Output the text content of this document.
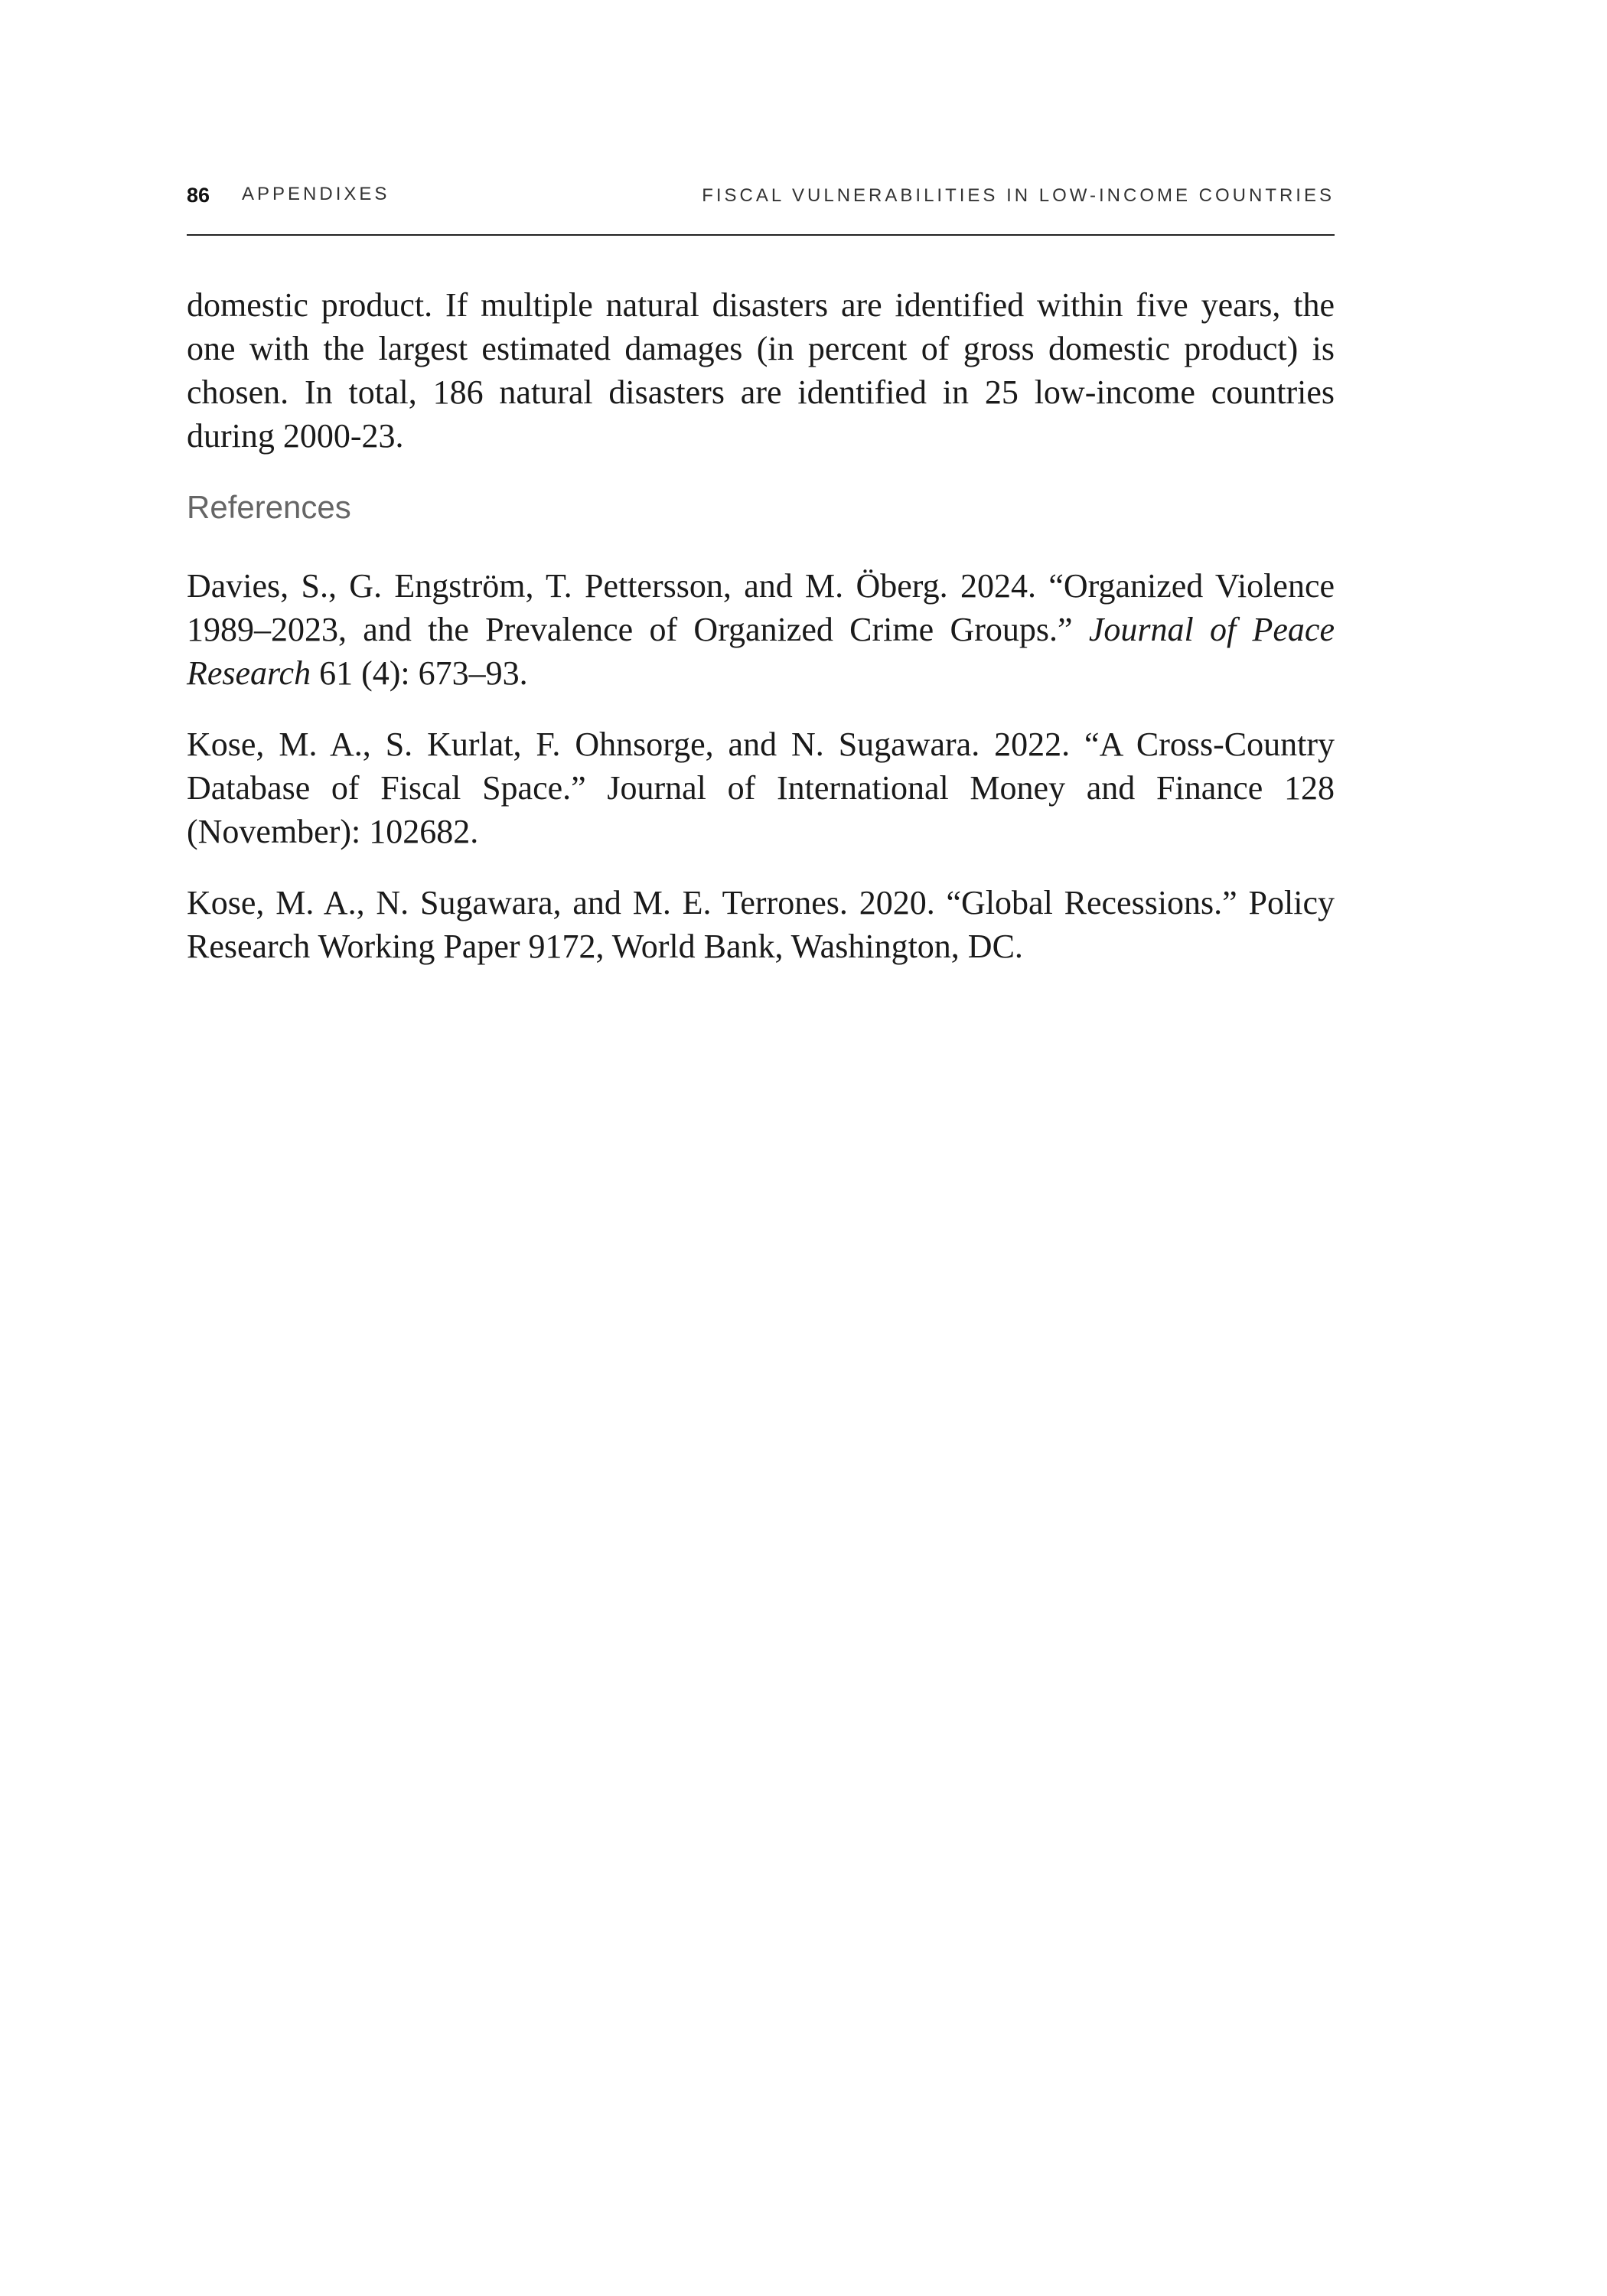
86 APPENDIXES	FISCAL VULNERABILITIES IN LOW-INCOME COUNTRIES

domestic product. If multiple natural disasters are identified within five years, the one with the largest estimated damages (in percent of gross domestic product) is chosen. In total, 186 natural disasters are identified in 25 low-income countries during 2000-23.

References

Davies, S., G. Engström, T. Pettersson, and M. Öberg. 2024. “Organized Violence 1989–2023, and the Prevalence of Organized Crime Groups.” Journal of Peace Research 61 (4): 673–93.

Kose, M. A., S. Kurlat, F. Ohnsorge, and N. Sugawara. 2022. “A Cross-Country Database of Fiscal Space.” Journal of International Money and Finance 128 (November): 102682.

Kose, M. A., N. Sugawara, and M. E. Terrones. 2020. “Global Recessions.” Policy Research Working Paper 9172, World Bank, Washington, DC.
